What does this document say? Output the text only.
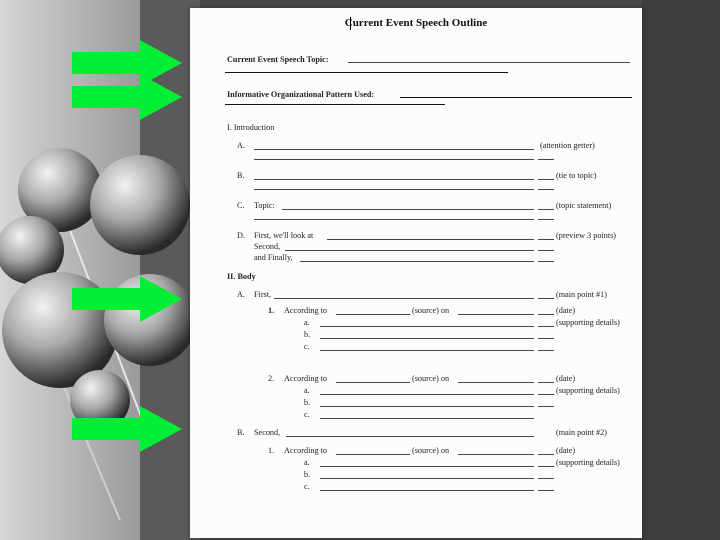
Current Event Speech Outline
Current Event Speech Topic:
Informative Organizational Pattern Used:
I. Introduction
A.	(attention getter)
B.	(tie to topic)
C. Topic:	(topic statement)
D. First, we'll look at	(preview 3 points)
Second,
and Finally,
II. Body
A. First,	(main point #1)
1. According to	(source) on	(date)
a.	(supporting details)
b.
c.
2. According to	(source) on	(date)
a.	(supporting details)
b.
c.
B. Second,	(main point #2)
1. According to	(source) on	(date)
a.	(supporting details)
b.
c.
